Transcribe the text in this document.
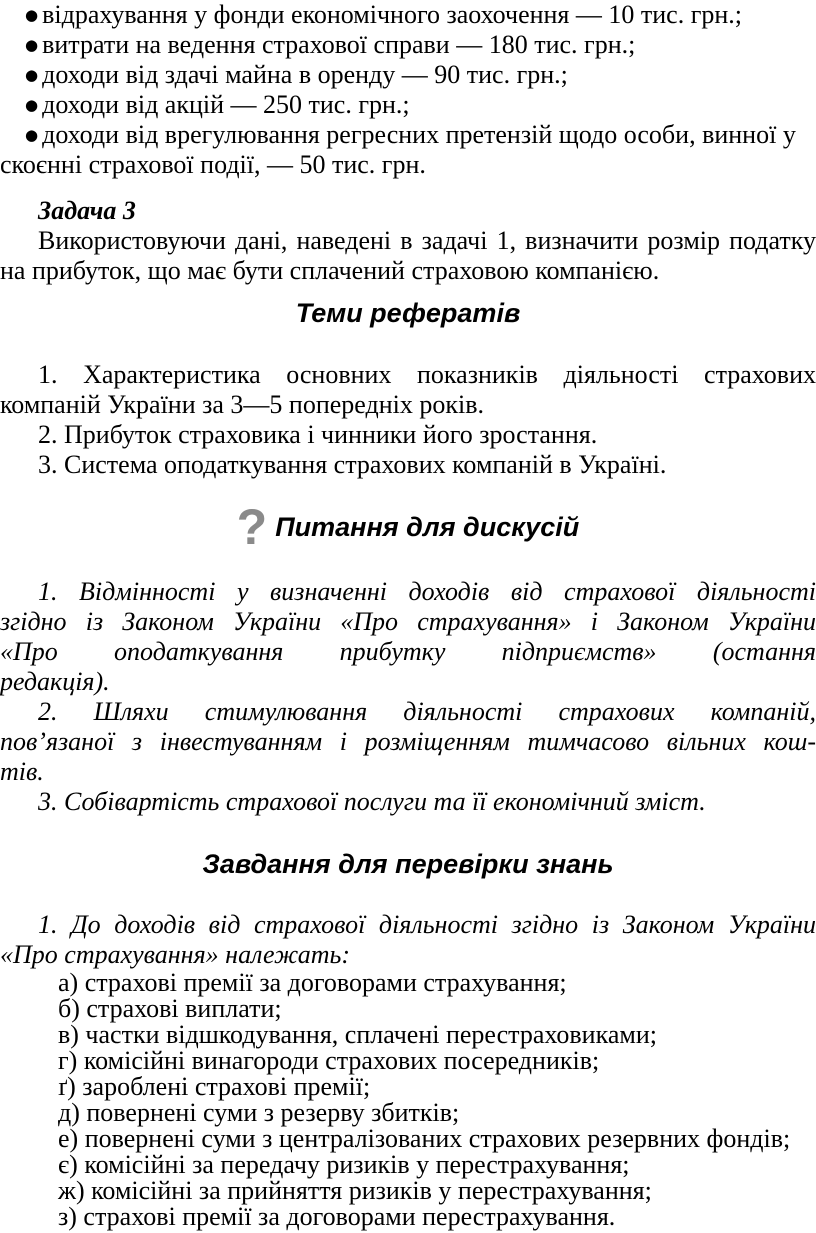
● відрахування у фонди економічного заохочення — 10 тис. грн.;
● витрати на ведення страхової справи — 180 тис. грн.;
● доходи від здачі майна в оренду — 90 тис. грн.;
● доходи від акцій — 250 тис. грн.;
● доходи від врегулювання регресних претензій щодо особи, винної у
скоєнні страхової події, — 50 тис. грн.
Задача 3
Використовуючи дані, наведені в задачі 1, визначити розмір податку
на прибуток, що має бути сплачений страховою компанією.
Теми рефератів
1. Характеристика основних показників діяльності страхових
компаній України за 3—5 попередніх років.
2. Прибуток страховика і чинники його зростання.
3. Система оподаткування страхових компаній в Україні.
? Питання для дискусій
1. Відмінності у визначенні доходів від страхової діяльності
згідно із Законом України «Про страхування» і Законом України
«Про оподаткування прибутку підприємств» (остання
редакція).
2. Шляхи стимулювання діяльності страхових компаній,
пов’язаної з інвестуванням і розміщенням тимчасово вільних кош-
тів.
3. Собівартість страхової послуги та її економічний зміст.
Завдання для перевірки знань
1. До доходів від страхової діяльності згідно із Законом України
«Про страхування» належать:
а) страхові премії за договорами страхування;
б) страхові виплати;
в) частки відшкодування, сплачені перестраховиками;
г) комісійні винагороди страхових посередників;
ґ) зароблені страхові премії;
д) повернені суми з резерву збитків;
е) повернені суми з централізованих страхових резервних фондів;
є) комісійні за передачу ризиків у перестрахування;
ж) комісійні за прийняття ризиків у перестрахування;
з) страхові премії за договорами перестрахування.
